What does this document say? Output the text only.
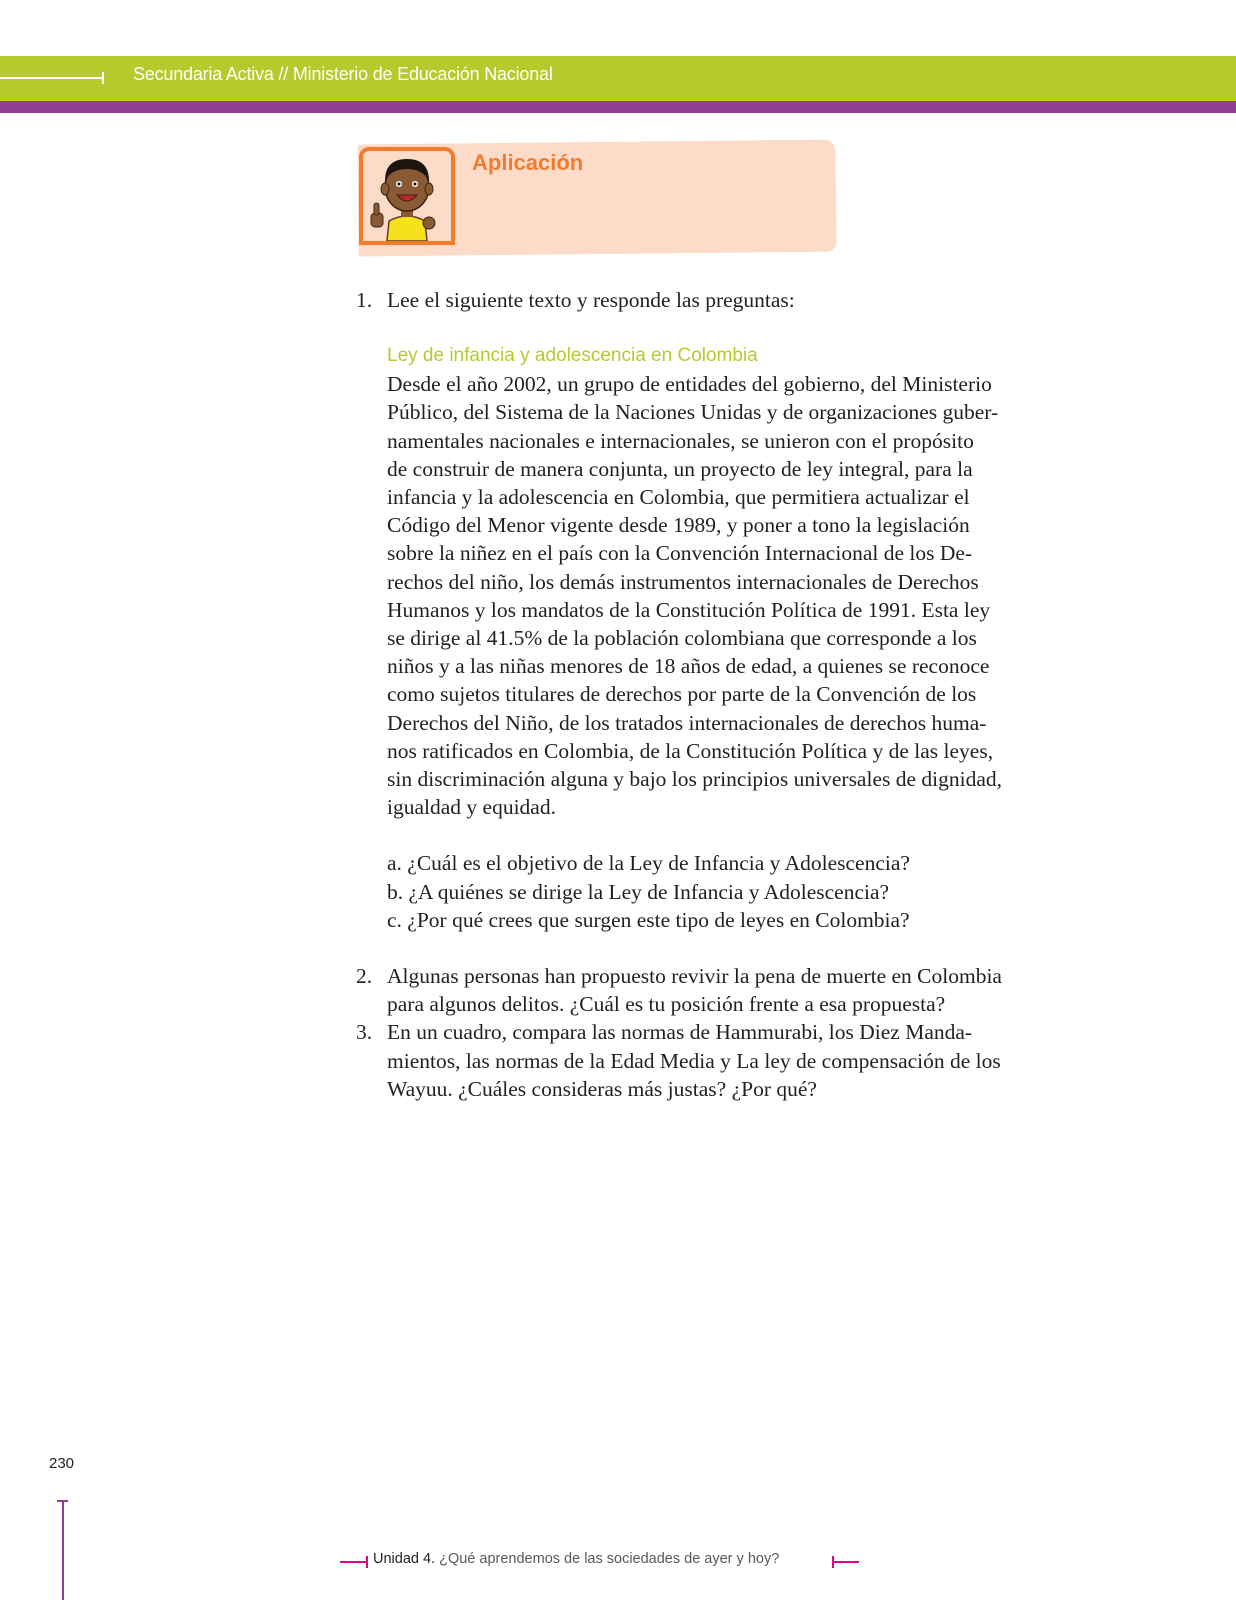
Secundaria Activa // Ministerio de Educación Nacional
Aplicación
1. Lee el siguiente texto y responde las preguntas:
Ley de infancia y adolescencia en Colombia
Desde el año 2002, un grupo de entidades del gobierno, del Ministerio
Público, del Sistema de la Naciones Unidas y de organizaciones guber-
namentales nacionales e internacionales, se unieron con el propósito
de construir de manera conjunta, un proyecto de ley integral, para la
infancia y la adolescencia en Colombia, que permitiera actualizar el
Código del Menor vigente desde 1989, y poner a tono la legislación
sobre la niñez en el país con la Convención Internacional de los De-
rechos del niño, los demás instrumentos internacionales de Derechos
Humanos y los mandatos de la Constitución Política de 1991. Esta ley
se dirige al 41.5% de la población colombiana que corresponde a los
niños y a las niñas menores de 18 años de edad, a quienes se reconoce
como sujetos titulares de derechos por parte de la Convención de los
Derechos del Niño, de los tratados internacionales de derechos huma-
nos ratificados en Colombia, de la Constitución Política y de las leyes,
sin discriminación alguna y bajo los principios universales de dignidad,
igualdad y equidad.
a. ¿Cuál es el objetivo de la Ley de Infancia y Adolescencia?
b. ¿A quiénes se dirige la Ley de Infancia y Adolescencia?
c. ¿Por qué crees que surgen este tipo de leyes en Colombia?
2. Algunas personas han propuesto revivir la pena de muerte en Colombia
para algunos delitos. ¿Cuál es tu posición frente a esa propuesta?
3. En un cuadro, compara las normas de Hammurabi, los Diez Manda-
mientos, las normas de la Edad Media y La ley de compensación de los
Wayuu. ¿Cuáles consideras más justas? ¿Por qué?
230
Unidad 4. ¿Qué aprendemos de las sociedades de ayer y hoy?
